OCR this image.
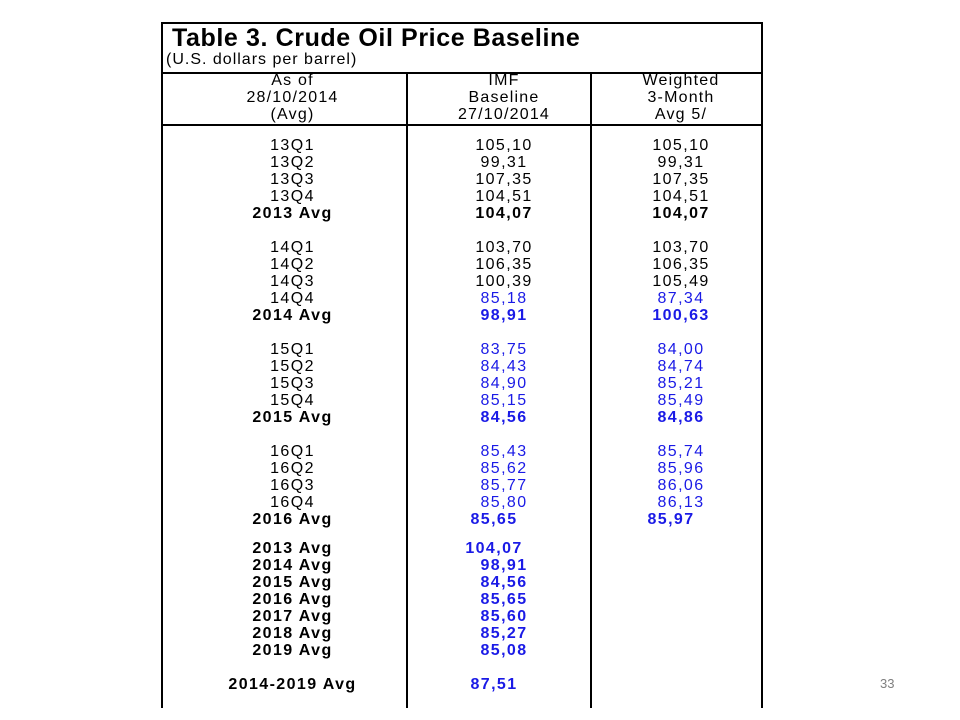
Table 3. Crude Oil Price Baseline
(U.S. dollars per barrel)
As of
28/10/2014
(Avg)
IMF
Baseline
27/10/2014
Weighted
3-Month
Avg 5/
13Q1	105,10	105,10
13Q2	99,31	99,31
13Q3	107,35	107,35
13Q4	104,51	104,51
2013 Avg	104,07	104,07
14Q1	103,70	103,70
14Q2	106,35	106,35
14Q3	100,39	105,49
14Q4	85,18	87,34
2014 Avg	98,91	100,63
15Q1	83,75	84,00
15Q2	84,43	84,74
15Q3	84,90	85,21
15Q4	85,15	85,49
2015 Avg	84,56	84,86
16Q1	85,43	85,74
16Q2	85,62	85,96
16Q3	85,77	86,06
16Q4	85,80	86,13
2016 Avg	85,65	85,97
2013 Avg	104,07
2014 Avg	98,91
2015 Avg	84,56
2016 Avg	85,65
2017 Avg	85,60
2018 Avg	85,27
2019 Avg	85,08
2014-2019 Avg	87,51	33
